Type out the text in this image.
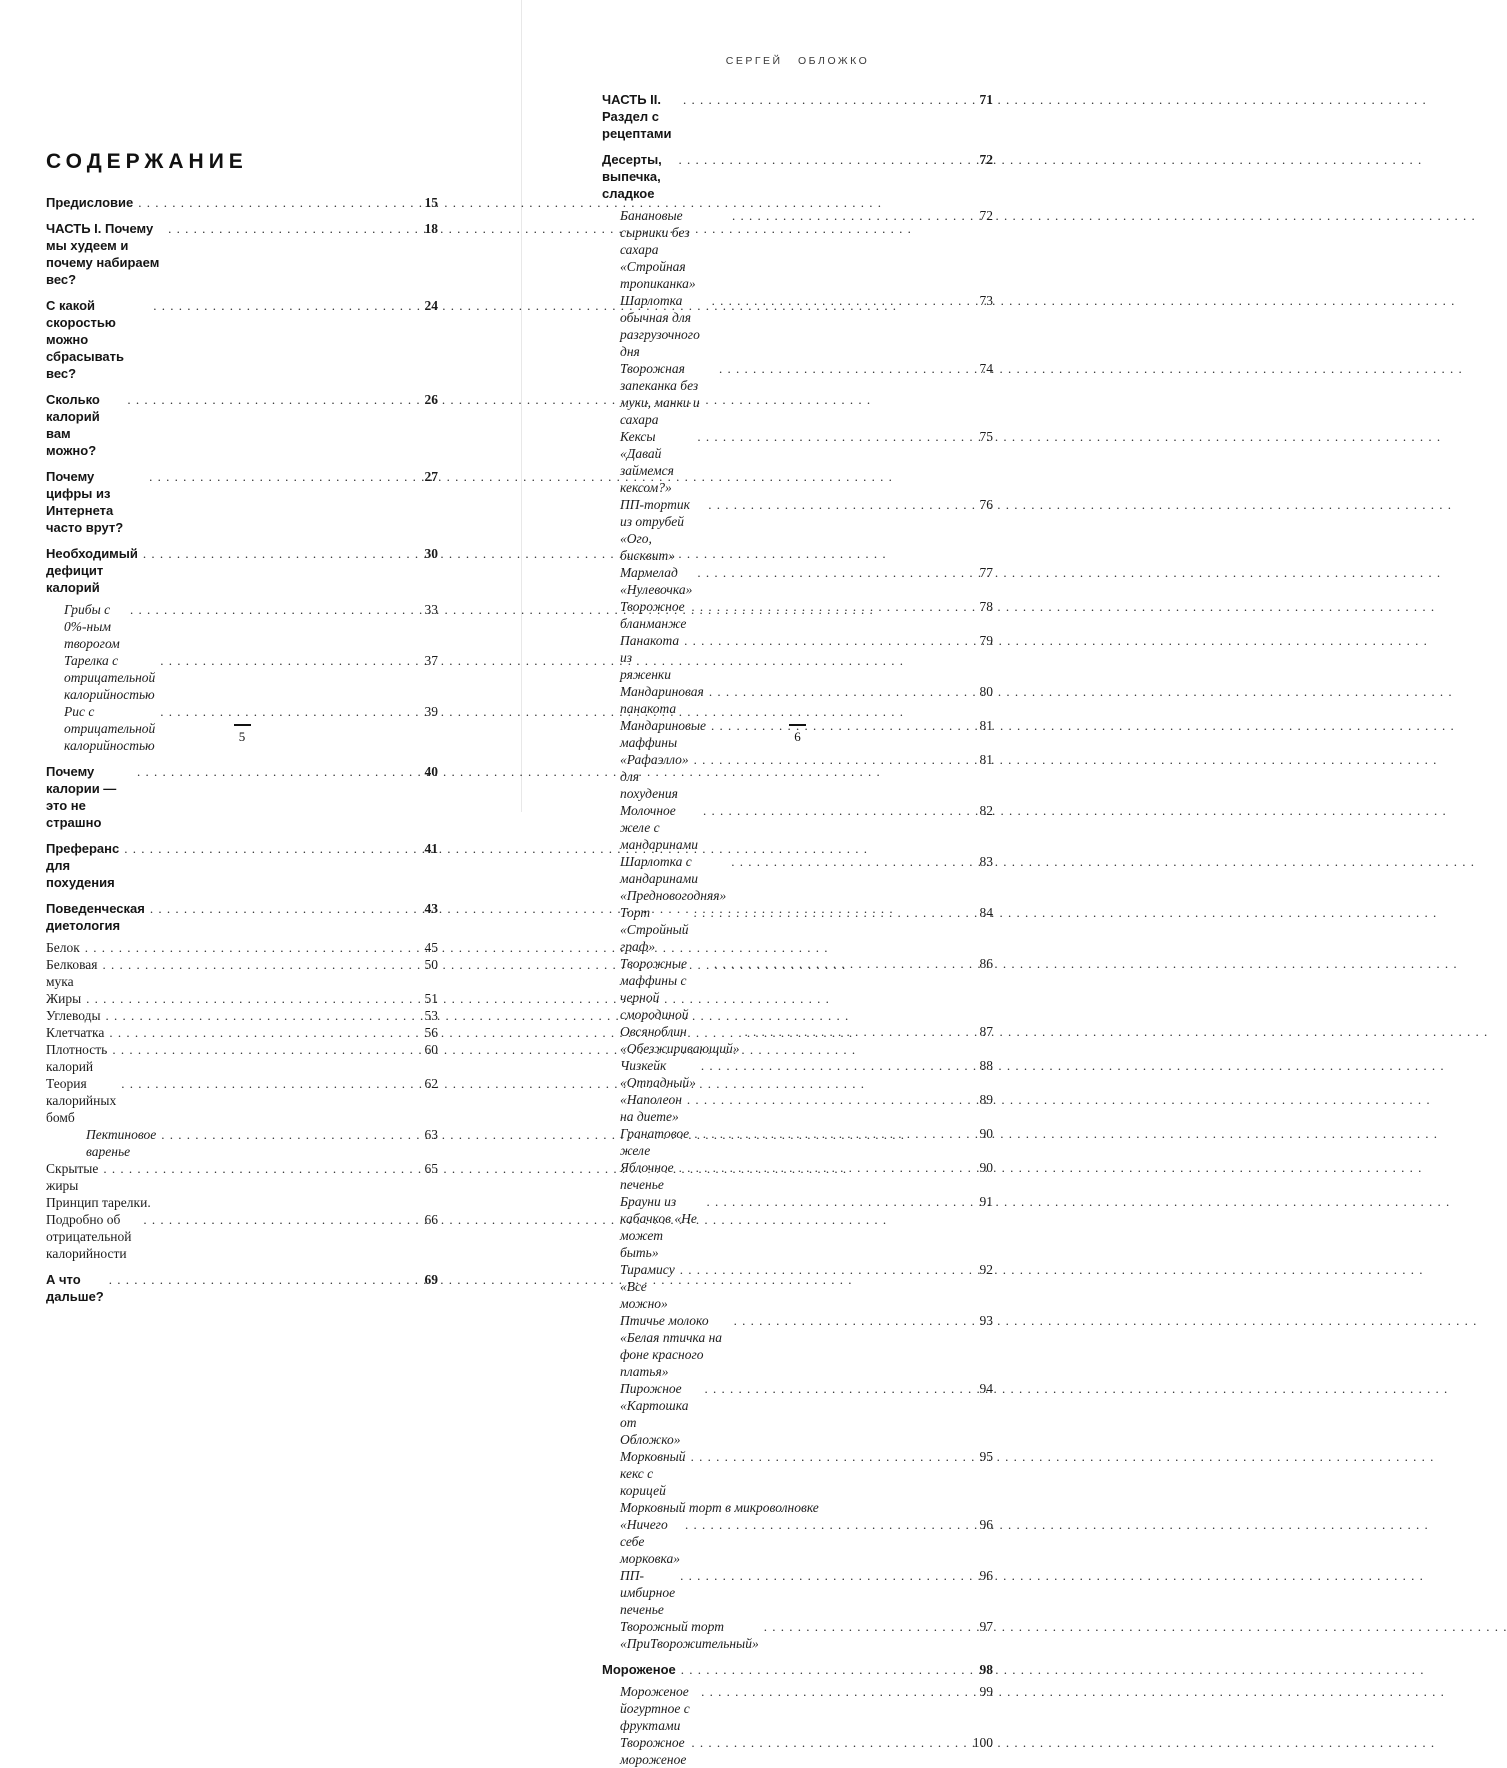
СОДЕРЖАНИЕ
Предисловие . . .	15
ЧАСТЬ I. Почему мы худеем и почему набираем вес?
. . .
18
С какой скоростью можно сбрасывать вес?
. . .
24
Сколько калорий вам можно?
. . .
26
Почему цифры из Интернета часто врут?
. . .
27
Необходимый дефицит калорий
. . .
30
Грибы с 0%-ным творогом
. . .
33
Тарелка с отрицательной калорийностью
. . .
37
Рис с отрицательной калорийностью
. . .
39
Почему калории — это не страшно
. . .
40
Преферанс для похудения
. . .
41
Поведенческая диетология
. . .
43
Белок . . .	45
Белковая мука
. . .
50
Жиры . . .	51
Углеводы . . .	53
Клетчатка . . .	56
Плотность калорий
. . .
60
Теория калорийных бомб
. . .
62
Пектиновое варенье
. . .
63
Скрытые жиры
. . .
65
Принцип тарелки.
Подробно об отрицательной калорийности
. . .
66
А что дальше?
. . .
69
5
СЕРГЕЙ ОБЛОЖКО
ЧАСТЬ II. Раздел с рецептами
. . .
71
Десерты, выпечка, сладкое
. . .
72
Банановые сырники без сахара «Стройная тропиканка»
. . .
72
Шарлотка обычная для разгрузочного дня
. . .
73
Творожная запеканка без муки, манки и сахара
. . .
74
Кексы «Давай займемся кексом?»
. . .
75
ПП-тортик из отрубей «Ого, бисквит»
. . .
76
Мармелад «Нулевочка»
. . .
77
Творожное бланманже
. . .
78
Панакота из ряженки
. . .
79
Мандариновая панакота
. . .
80
Мандариновые маффины
. . .
81
«Рафаэлло» для похудения
. . .
81
Молочное желе с мандаринами
. . .
82
Шарлотка с мандаринами «Предновогодняя»
. . .
83
Торт «Стройный граф»
. . .
84
Творожные маффины с черной смородиной
. . .
86
Овсяноблин «Обезжиривающий»
. . .
87
Чизкейк «Отпадный»
. . .
88
«Наполеон на диете»
. . .
89
Гранатовое желе
. . .
90
Яблочное печенье
. . .
90
Брауни из кабачков «Не может быть»
. . .
91
Тирамису «Все можно»
. . .
92
Птичье молоко «Белая птичка на фоне красного платья»
. . .
93
Пирожное «Картошка от Обложко»
. . .
94
Морковный кекс с корицей
. . .
95
Морковный торт в микроволновке
«Ничего себе морковка»
. . .
96
ПП-имбирное печенье
. . .
96
Творожный торт «ПриТворожительный»
. . .
97
Мороженое . . .	98
Мороженое йогуртное с фруктами
. . .
99
Творожное мороженое
. . .
100
6
